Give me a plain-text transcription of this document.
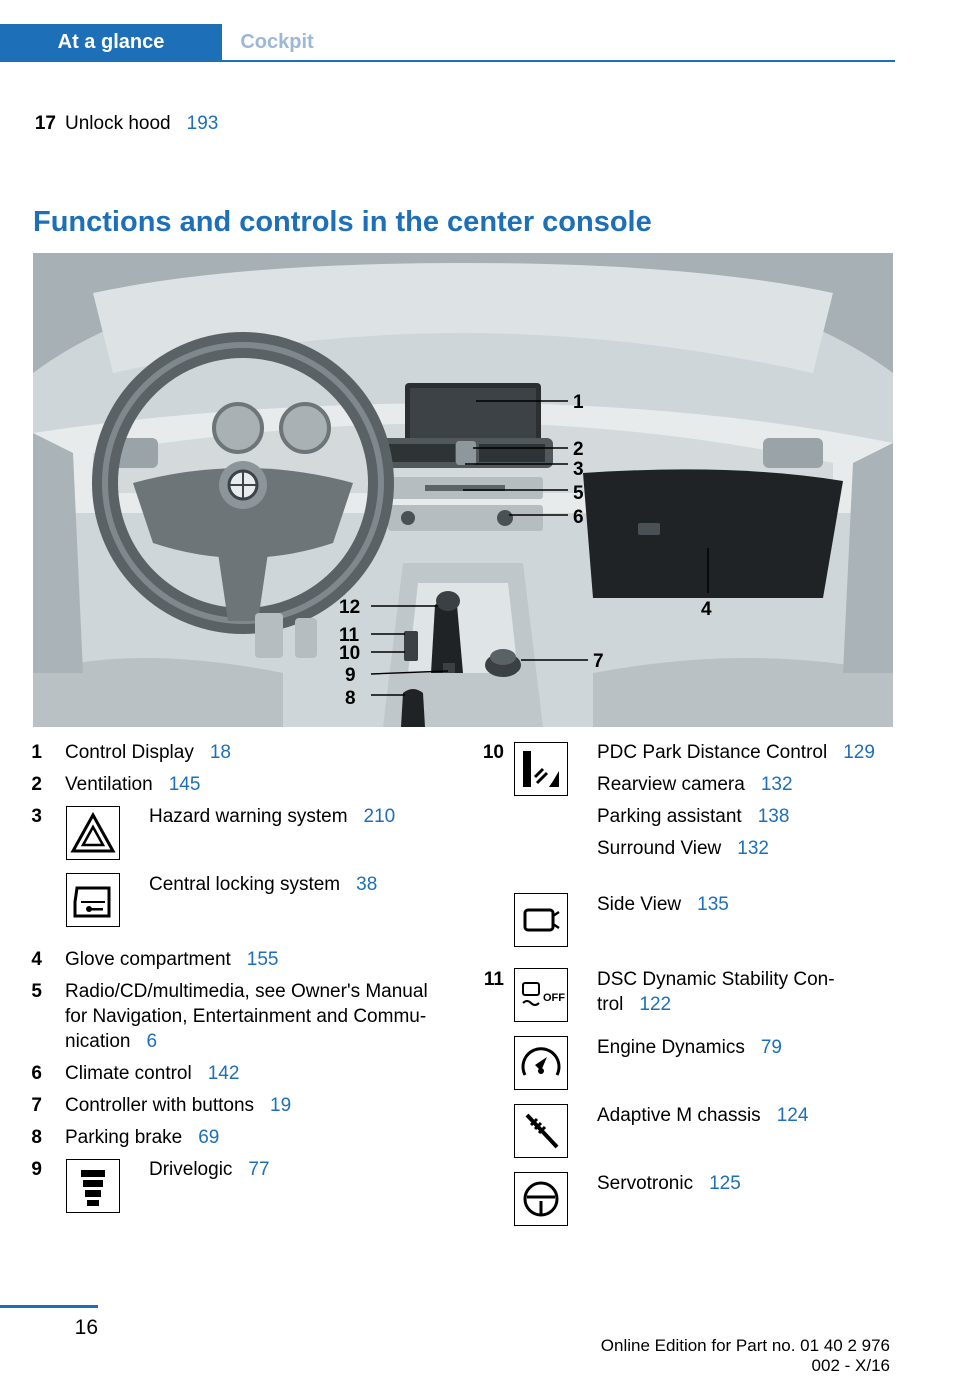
At a glance	Cockpit
17 Unlock hood 193
Functions and controls in the center console
1
2
3
4
5
6
7
8
9
10
11
12
1 Control Display 18
2 Ventilation 145
3	Hazard warning system 210
Central locking system 38
4 Glove compartment 155
5 Radio/CD/multimedia, see Owner's Manual
for Navigation, Entertainment and Commu-
nication 6
6 Climate control 142
7 Controller with buttons 19
8 Parking brake 69
9	Drivelogic 77
10	PDC Park Distance Control 129
Rearview camera 132
Parking assistant 138
Surround View 132
Side View 135
11	DSC Dynamic Stability Con-
trol 122
OFF
Engine Dynamics 79
Adaptive M chassis 124
Servotronic 125
16
Online Edition for Part no. 01 40 2 976 002 - X/16
